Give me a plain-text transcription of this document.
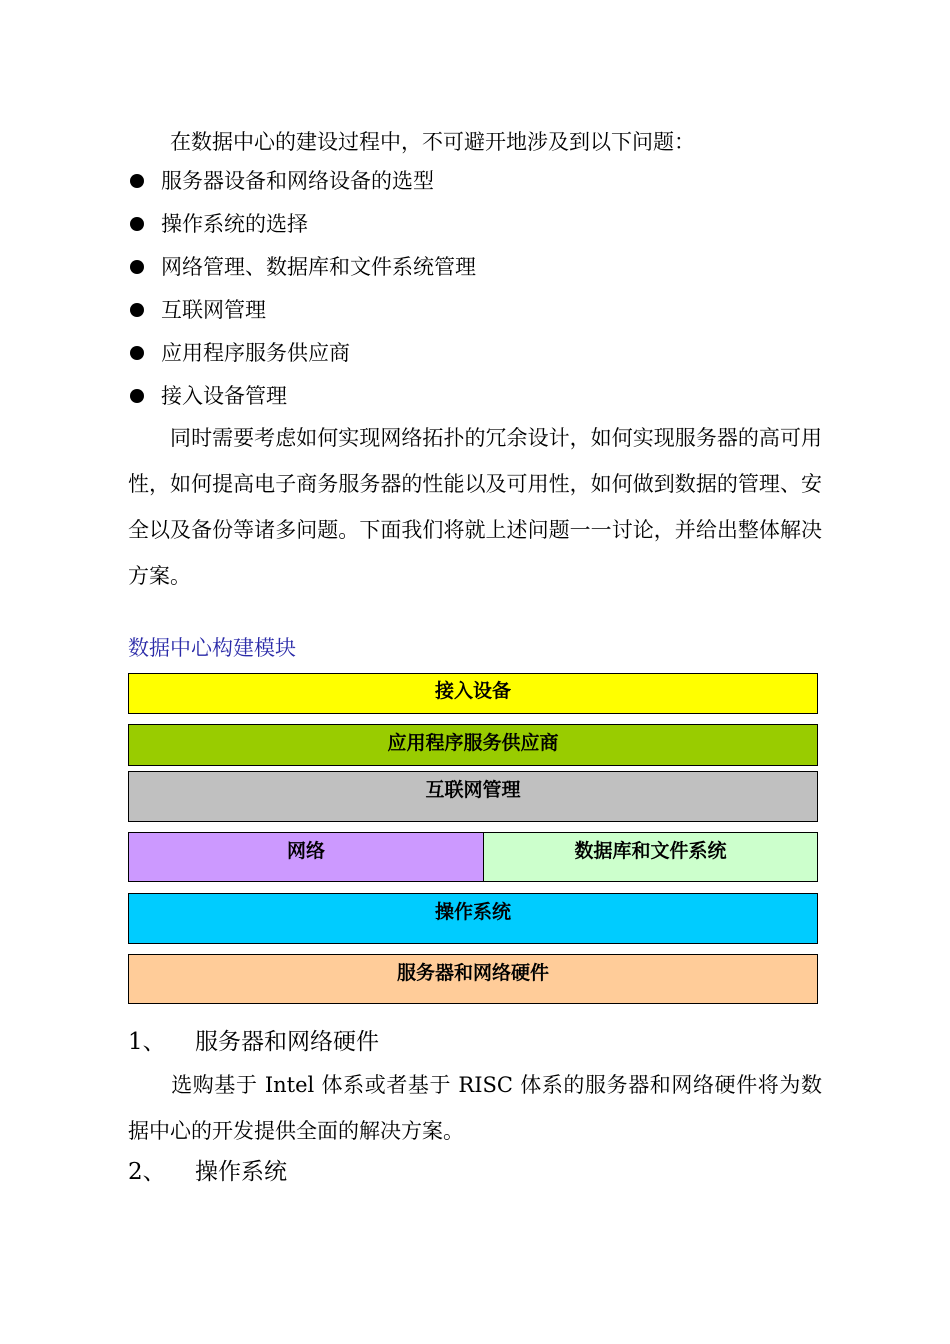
　　在数据中心的建设过程中，不可避开地涉及到以下问题：

服务器设备和网络设备的选型
操作系统的选择
网络管理、数据库和文件系统管理
互联网管理
应用程序服务供应商
接入设备管理

　　同时需要考虑如何实现网络拓扑的冗余设计，如何实现服务器的高可用性，如何提高电子商务服务器的性能以及可用性，如何做到数据的管理、安全以及备份等诸多问题。下面我们将就上述问题一一讨论，并给出整体解决方案。

数据中心构建模块
接入设备
应用程序服务供应商
互联网管理
网络	数据库和文件系统
操作系统
服务器和网络硬件
1、 服务器和网络硬件

　　选购基于 Intel 体系或者基于 RISC 体系的服务器和网络硬件将为数据中心的开发提供全面的解决方案。

2、 操作系统
